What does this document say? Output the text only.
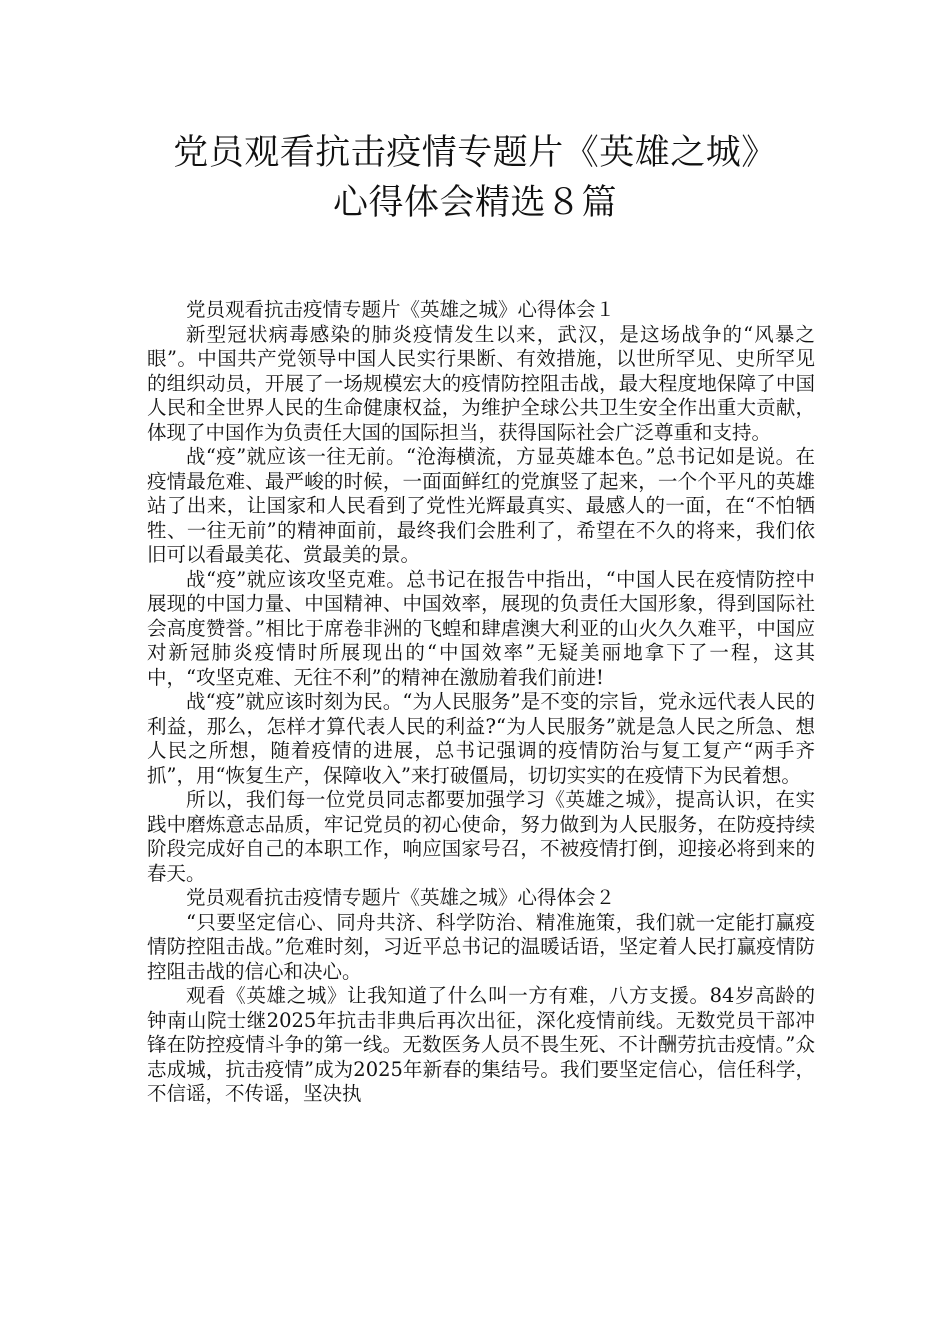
党员观看抗击疫情专题片《英雄之城》
心得体会精选８篇

党员观看抗击疫情专题片《英雄之城》心得体会１

新型冠状病毒感染的肺炎疫情发生以来，武汉，是这场战争的“风暴之眼”。中国共产党领导中国人民实行果断、有效措施，以世所罕见、史所罕见的组织动员，开展了一场规模宏大的疫情防控阻击战，最大程度地保障了中国人民和全世界人民的生命健康权益，为维护全球公共卫生安全作出重大贡献，体现了中国作为负责任大国的国际担当，获得国际社会广泛尊重和支持。

战“疫”就应该一往无前。“沧海横流，方显英雄本色。”总书记如是说。在疫情最危难、最严峻的时候，一面面鲜红的党旗竖了起来，一个个平凡的英雄站了出来，让国家和人民看到了党性光辉最真实、最感人的一面，在“不怕牺牲、一往无前”的精神面前，最终我们会胜利了，希望在不久的将来，我们依旧可以看最美花、赏最美的景。

战“疫”就应该攻坚克难。总书记在报告中指出，“中国人民在疫情防控中展现的中国力量、中国精神、中国效率，展现的负责任大国形象，得到国际社会高度赞誉。”相比于席卷非洲的飞蝗和肆虐澳大利亚的山火久久难平，中国应对新冠肺炎疫情时所展现出的“中国效率”无疑美丽地拿下了一程，这其中，“攻坚克难、无往不利”的精神在激励着我们前进!

战“疫”就应该时刻为民。“为人民服务”是不变的宗旨，党永远代表人民的利益，那么，怎样才算代表人民的利益?“为人民服务”就是急人民之所急、想人民之所想，随着疫情的进展，总书记强调的疫情防治与复工复产“两手齐抓”，用“恢复生产，保障收入”来打破僵局，切切实实的在疫情下为民着想。

所以，我们每一位党员同志都要加强学习《英雄之城》，提高认识，在实践中磨炼意志品质，牢记党员的初心使命，努力做到为人民服务，在防疫持续阶段完成好自己的本职工作，响应国家号召，不被疫情打倒，迎接必将到来的春天。

党员观看抗击疫情专题片《英雄之城》心得体会２

“只要坚定信心、同舟共济、科学防治、精准施策，我们就一定能打赢疫情防控阻击战。”危难时刻，习近平总书记的温暖话语，坚定着人民打赢疫情防控阻击战的信心和决心。

观看《英雄之城》让我知道了什么叫一方有难，八方支援。84岁高龄的钟南山院士继2025年抗击非典后再次出征，深化疫情前线。无数党员干部冲锋在防控疫情斗争的第一线。无数医务人员不畏生死、不计酬劳抗击疫情。”众志成城，抗击疫情”成为2025年新春的集结号。我们要坚定信心，信任科学，不信谣，不传谣，坚决执
